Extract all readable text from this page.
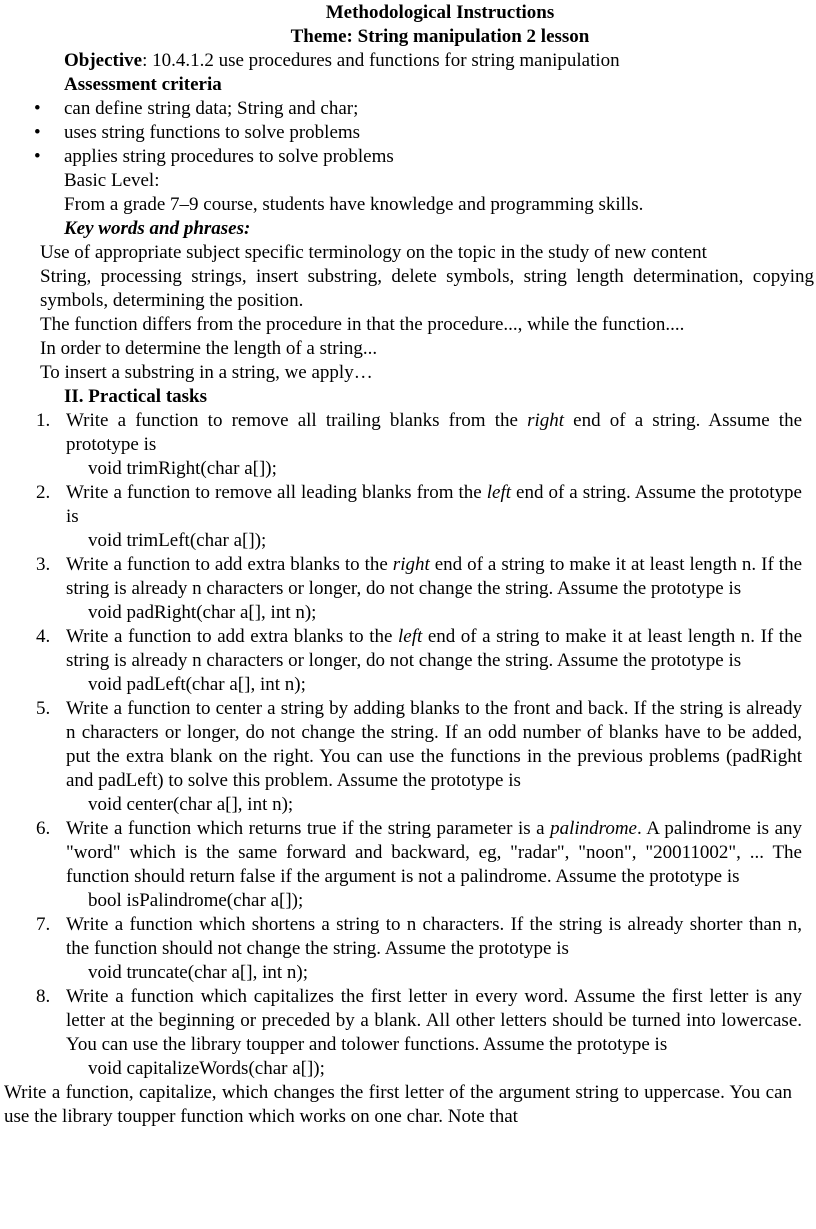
Methodological Instructions
Theme: String manipulation 2 lesson
Objective: 10.4.1.2 use procedures and functions for string manipulation
Assessment criteria
• can define string data; String and char;
• uses string functions to solve problems
• applies string procedures to solve problems
Basic Level:
From a grade 7–9 course, students have knowledge and programming skills.
Key words and phrases:
Use of appropriate subject specific terminology on the topic in the study of new content
String, processing strings, insert substring, delete symbols, string length determination, copying symbols, determining the position.
The function differs from the procedure in that the procedure..., while the function....
In order to determine the length of a string...
To insert a substring in a string, we apply…
II. Practical tasks
1. Write a function to remove all trailing blanks from the right end of a string. Assume the prototype is
void trimRight(char a[]);
2. Write a function to remove all leading blanks from the left end of a string. Assume the prototype is
void trimLeft(char a[]);
3. Write a function to add extra blanks to the right end of a string to make it at least length n. If the string is already n characters or longer, do not change the string. Assume the prototype is
void padRight(char a[], int n);
4. Write a function to add extra blanks to the left end of a string to make it at least length n. If the string is already n characters or longer, do not change the string. Assume the prototype is
void padLeft(char a[], int n);
5. Write a function to center a string by adding blanks to the front and back. If the string is already n characters or longer, do not change the string. If an odd number of blanks have to be added, put the extra blank on the right. You can use the functions in the previous problems (padRight and padLeft) to solve this problem. Assume the prototype is
void center(char a[], int n);
6. Write a function which returns true if the string parameter is a palindrome. A palindrome is any "word" which is the same forward and backward, eg, "radar", "noon", "20011002", ... The function should return false if the argument is not a palindrome. Assume the prototype is
bool isPalindrome(char a[]);
7. Write a function which shortens a string to n characters. If the string is already shorter than n, the function should not change the string. Assume the prototype is
void truncate(char a[], int n);
8. Write a function which capitalizes the first letter in every word. Assume the first letter is any letter at the beginning or preceded by a blank. All other letters should be turned into lowercase. You can use the library toupper and tolower functions. Assume the prototype is
void capitalizeWords(char a[]);
Write a function, capitalize, which changes the first letter of the argument string to uppercase. You can use the library toupper function which works on one char. Note that
